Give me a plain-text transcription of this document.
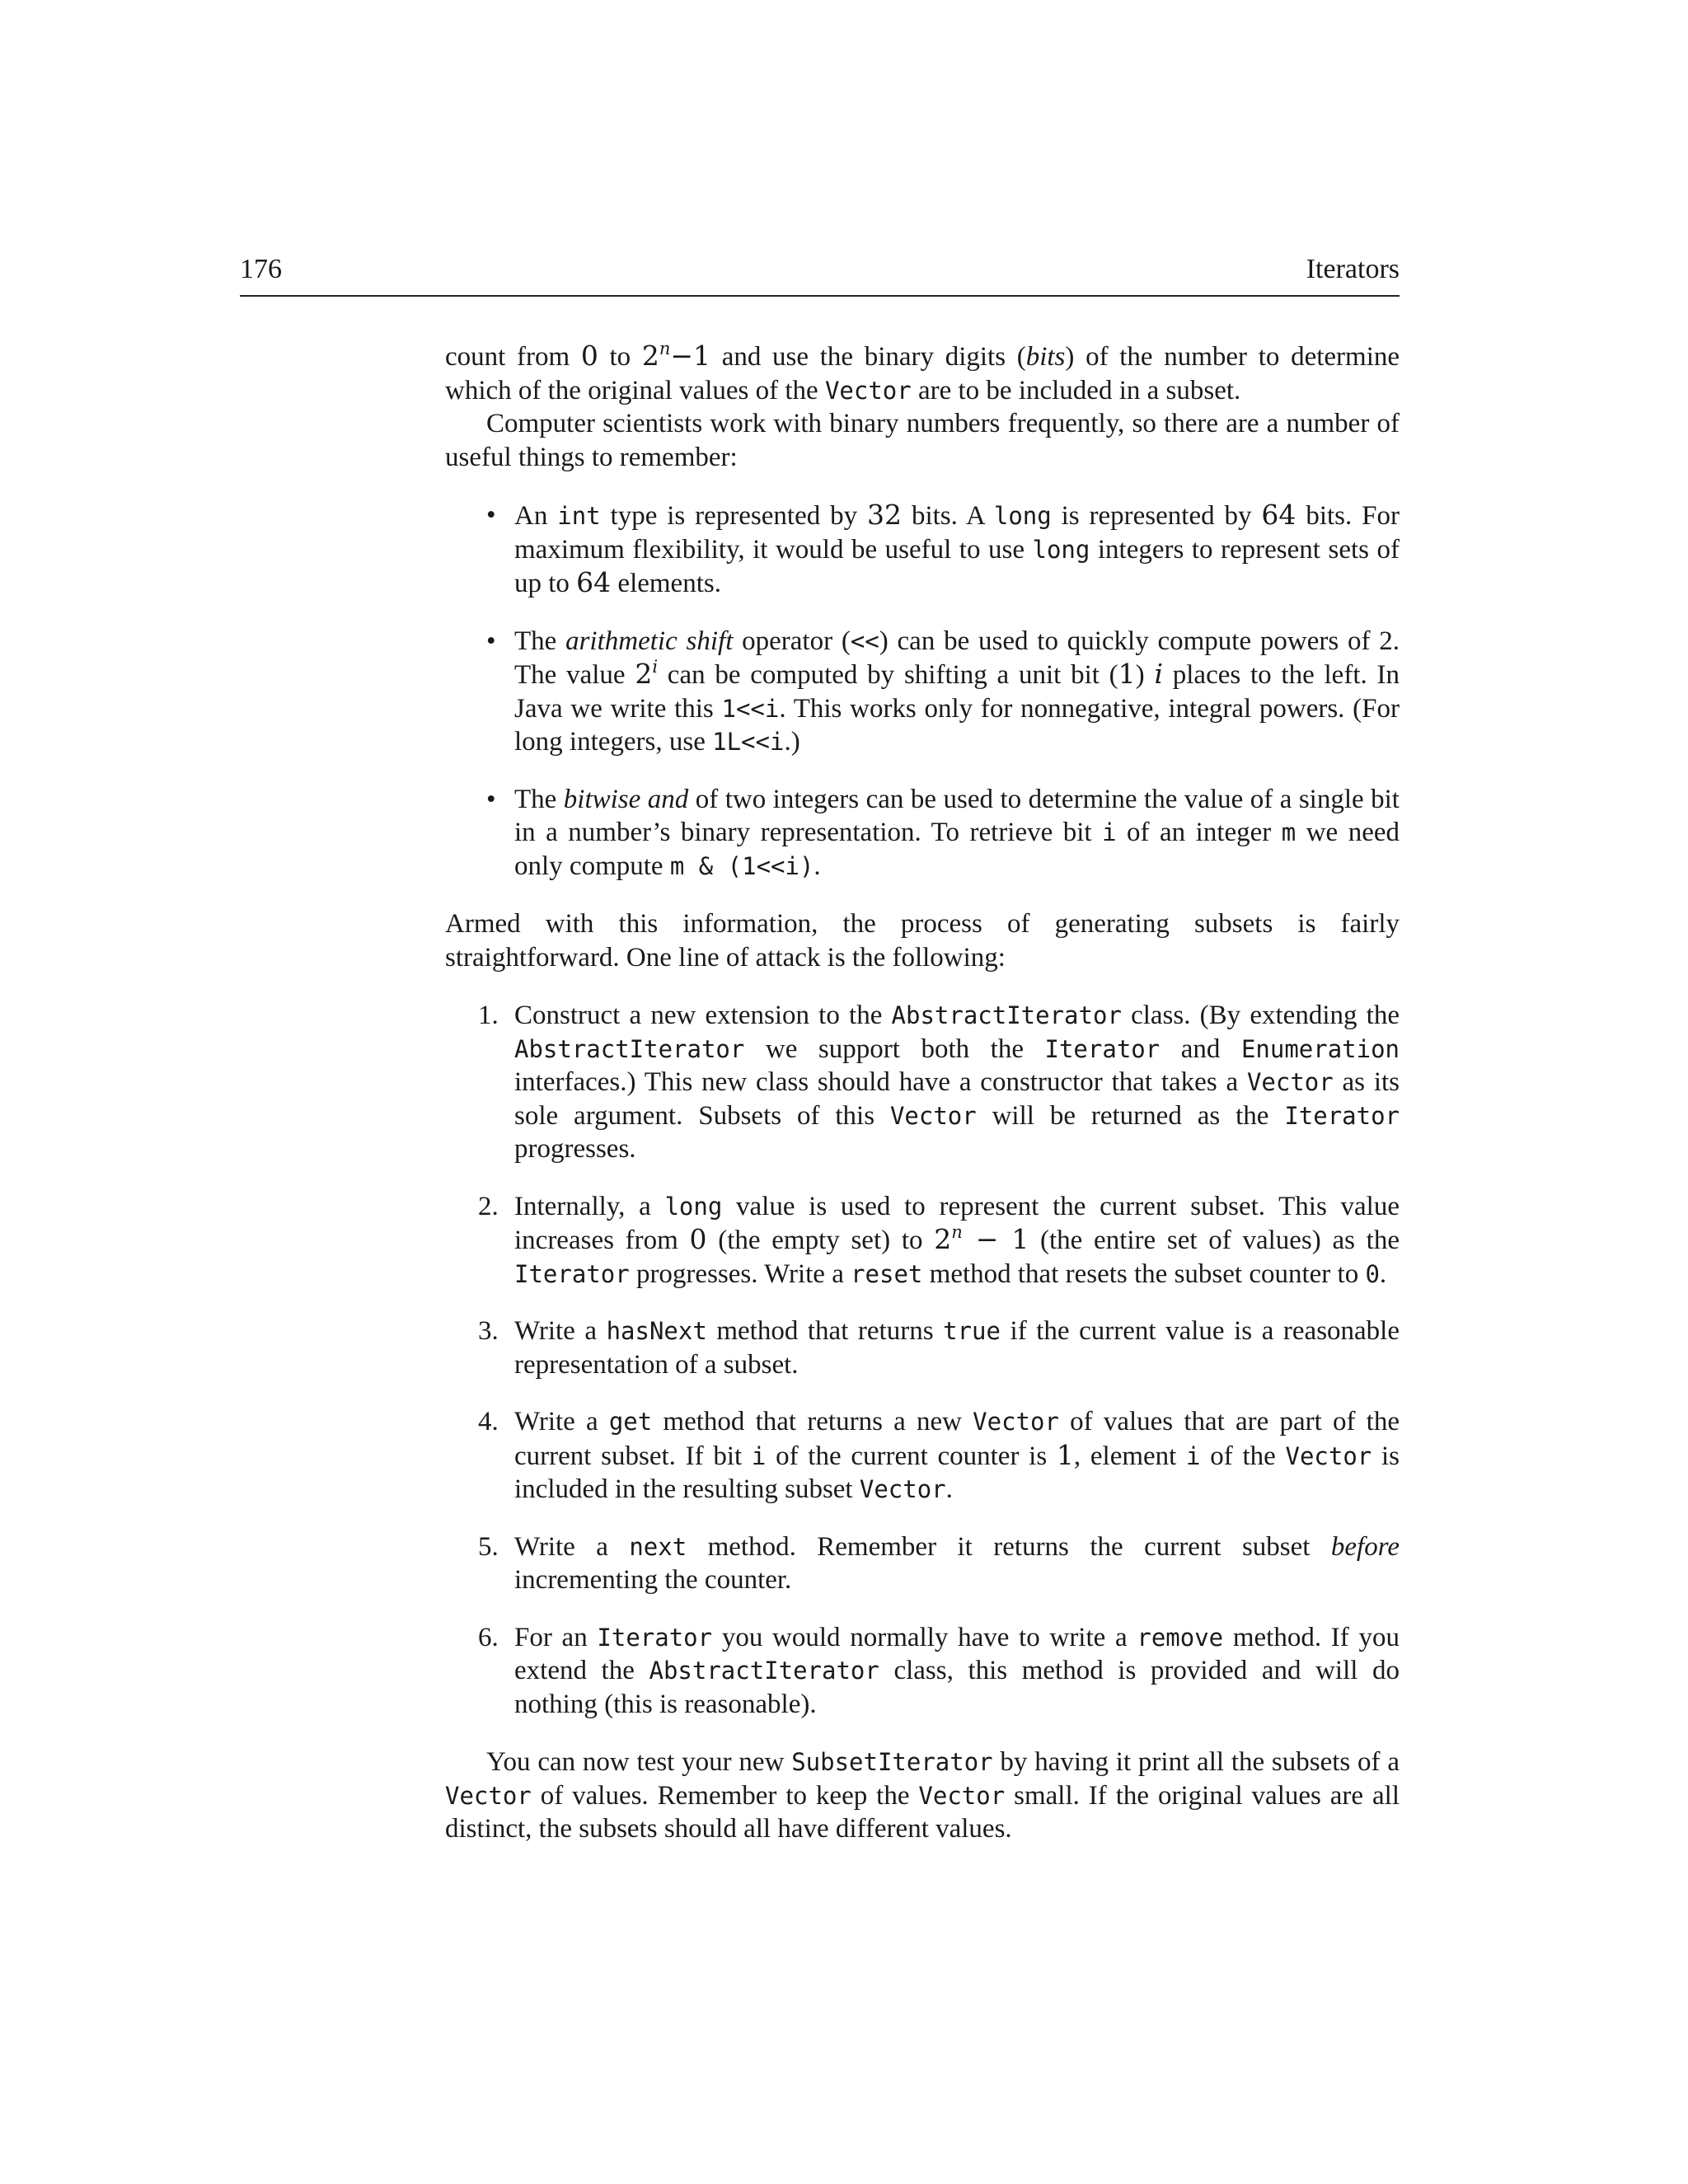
176	Iterators

count from 0 to $2^n-1$ and use the binary digits (bits) of the number to determine which of the original values of the Vector are to be included in a subset.

Computer scientists work with binary numbers frequently, so there are a number of useful things to remember:

• An int type is represented by 32 bits. A long is represented by 64 bits. For maximum flexibility, it would be useful to use long integers to represent sets of up to 64 elements.
• The arithmetic shift operator (<<) can be used to quickly compute powers of 2. The value 2$^i$ can be computed by shifting a unit bit (1) i places to the left. In Java we write this 1<<i. This works only for nonnegative, integral powers. (For long integers, use 1L<<i.)
• The bitwise and of two integers can be used to determine the value of a single bit in a number’s binary representation. To retrieve bit i of an integer m we need only compute m & (1<<i).

Armed with this information, the process of generating subsets is fairly straightforward. One line of attack is the following:

1. Construct a new extension to the AbstractIterator class. (By extending the AbstractIterator we support both the Iterator and Enumeration interfaces.) This new class should have a constructor that takes a Vector as its sole argument. Subsets of this Vector will be returned as the Iterator progresses.
2. Internally, a long value is used to represent the current subset. This value increases from 0 (the empty set) to $2^n - 1$ (the entire set of values) as the Iterator progresses. Write a reset method that resets the subset counter to 0.
3. Write a hasNext method that returns true if the current value is a reasonable representation of a subset.
4. Write a get method that returns a new Vector of values that are part of the current subset. If bit i of the current counter is 1, element i of the Vector is included in the resulting subset Vector.
5. Write a next method. Remember it returns the current subset before incrementing the counter.
6. For an Iterator you would normally have to write a remove method. If you extend the AbstractIterator class, this method is provided and will do nothing (this is reasonable).

You can now test your new SubsetIterator by having it print all the subsets of a Vector of values. Remember to keep the Vector small. If the original values are all distinct, the subsets should all have different values.
